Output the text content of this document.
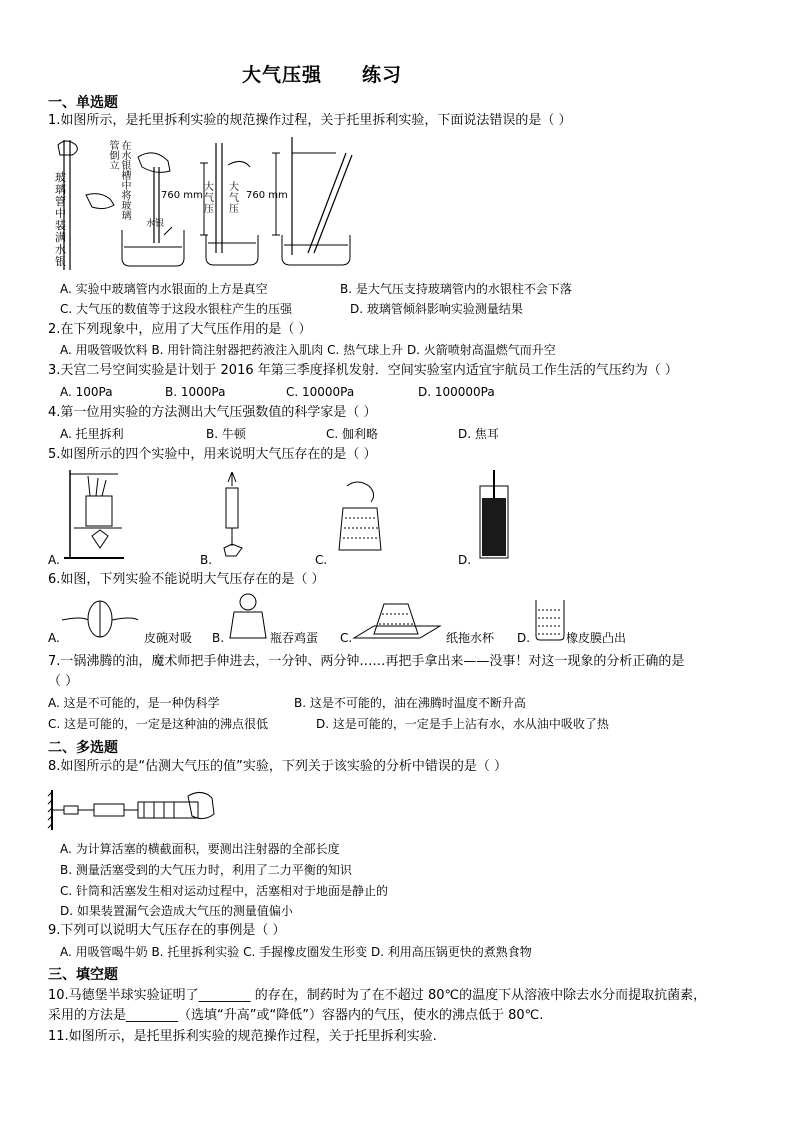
大气压强　　练习
一、单选题
1.如图所示，是托里拆利实验的规范操作过程，关于托里拆利实验，下面说法错误的是（ ）
玻璃管中装满水银
在水银槽中将玻璃管倒立
水银
760 mm
大气压
大气压
760 mm
A. 实验中玻璃管内水银面的上方是真空	B. 是大气压支持玻璃管内的水银柱不会下落
C. 大气压的数值等于这段水银柱产生的压强	D. 玻璃管倾斜影响实验测量结果
2.在下列现象中，应用了大气压作用的是（ ）
A. 用吸管吸饮料 B. 用针筒注射器把药液注入肌肉 C. 热气球上升 D. 火箭喷射高温燃气而升空
3.天宫二号空间实验是计划于 2016 年第三季度择机发射．空间实验室内适宜宇航员工作生活的气压约为（ ）
A. 100Pa	B. 1000Pa	C. 10000Pa	D. 100000Pa
4.第一位用实验的方法测出大气压强数值的科学家是（ ）
A. 托里拆利	B. 牛顿	C. 伽利略	D. 焦耳
5.如图所示的四个实验中，用来说明大气压存在的是（ ）
A.	B.	C.	D.
6.如图，下列实验不能说明大气压存在的是（ ）
A.	皮碗对吸 B.	瓶吞鸡蛋 C.	纸拖水杯 D.	橡皮膜凸出
7.一锅沸腾的油，魔术师把手伸进去，一分钟、两分钟……再把手拿出来——没事！对这一现象的分析正确的是
（ ）
A. 这是不可能的，是一种伪科学	B. 这是不可能的，油在沸腾时温度不断升高
C. 这是可能的，一定是这种油的沸点很低	D. 这是可能的，一定是手上沾有水，水从油中吸收了热
二、多选题
8.如图所示的是“估测大气压的值”实验，下列关于该实验的分析中错误的是（ ）
A. 为计算活塞的横截面积，要测出注射器的全部长度
B. 测量活塞受到的大气压力时，利用了二力平衡的知识
C. 针筒和活塞发生相对运动过程中，活塞相对于地面是静止的
D. 如果装置漏气会造成大气压的测量值偏小
9.下列可以说明大气压存在的事例是（ ）
A. 用吸管喝牛奶 B. 托里拆利实验 C. 手握橡皮圈发生形变 D. 利用高压锅更快的煮熟食物
三、填空题
10.马德堡半球实验证明了________ 的存在，制药时为了在不超过 80℃的温度下从溶液中除去水分而提取抗菌素，
采用的方法是________（选填“升高”或“降低”）容器内的气压，使水的沸点低于 80℃.
11.如图所示，是托里拆利实验的规范操作过程，关于托里拆利实验.
